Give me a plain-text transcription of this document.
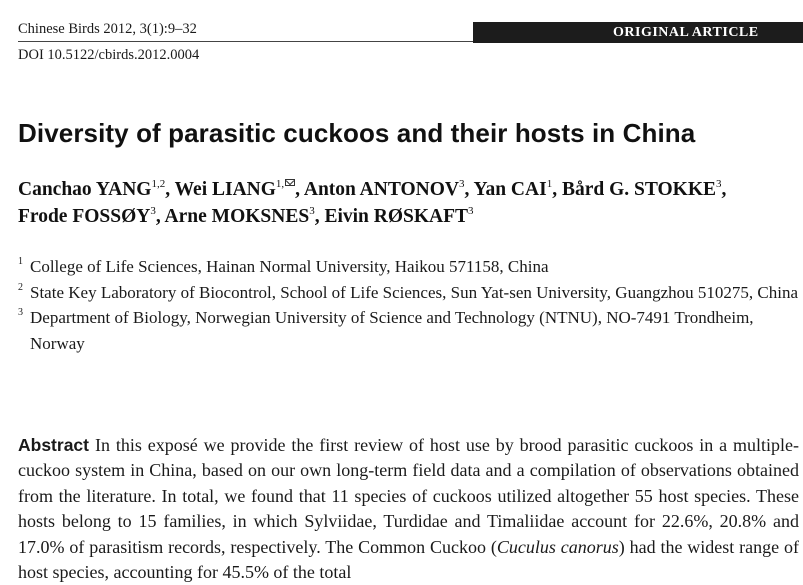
Chinese Birds 2012, 3(1):9–32
DOI 10.5122/cbirds.2012.0004
ORIGINAL ARTICLE
Diversity of parasitic cuckoos and their hosts in China
Canchao YANG$^{1,2}$, Wei $LIANG^{1,}$ , Anton ANTONOV$^3$, Yan CAI$^1$, Bård G. STOKKE$^3$,
Frode FOSSØY$^3$, Arne MOKSNES$^3$, Eivin RØSKAFT$^3$
1 College of Life Sciences, Hainan Normal University, Haikou 571158, China
2 State Key Laboratory of Biocontrol, School of Life Sciences, Sun Yat-sen University, Guangzhou 510275, China
3 Department of Biology, Norwegian University of Science and Technology (NTNU), NO-7491 Trondheim, Norway

Abstract In this exposé we provide the first review of host use by brood parasitic cuckoos in a multiple-cuckoo system in China, based on our own long-term field data and a compilation of observations obtained from the literature. In total, we found that 11 species of cuckoos utilized altogether 55 host species. These hosts belong to 15 families, in which Sylviidae, Turdidae and Timaliidae account for 22.6%, 20.8% and 17.0% of parasitism records, respectively. The Common Cuckoo (Cuculus canorus) had the widest range of host species, accounting for 45.5% of the total
